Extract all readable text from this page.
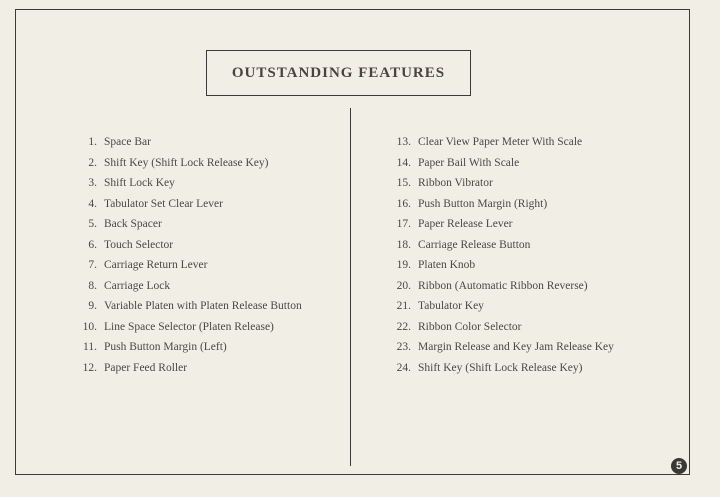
OUTSTANDING FEATURES
1. Space Bar
2. Shift Key (Shift Lock Release Key)
3. Shift Lock Key
4. Tabulator Set Clear Lever
5. Back Spacer
6. Touch Selector
7. Carriage Return Lever
8. Carriage Lock
9. Variable Platen with Platen Release Button
10. Line Space Selector (Platen Release)
11. Push Button Margin (Left)
12. Paper Feed Roller
13. Clear View Paper Meter With Scale
14. Paper Bail With Scale
15. Ribbon Vibrator
16. Push Button Margin (Right)
17. Paper Release Lever
18. Carriage Release Button
19. Platen Knob
20. Ribbon (Automatic Ribbon Reverse)
21. Tabulator Key
22. Ribbon Color Selector
23. Margin Release and Key Jam Release Key
24. Shift Key (Shift Lock Release Key)
5
